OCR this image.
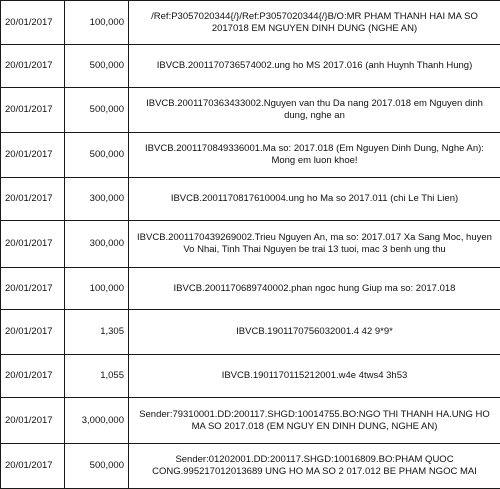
20/01/2017	100,000	/Ref:P3057020344{/}/Ref:P3057020344{/}B/O:MR PHAM THANH HAI MA SO 2017018 EM NGUYEN DINH DUNG (NGHE AN)
20/01/2017	500,000	IBVCB.2001170736574002.ung ho MS 2017.016 (anh Huynh Thanh Hung)
20/01/2017	500,000	IBVCB.2001170363433002.Nguyen van thu Da nang 2017.018 em Nguyen dinh dung, nghe an
20/01/2017	500,000	IBVCB.2001170849336001.Ma so: 2017.018 (Em Nguyen Dinh Dung, Nghe An): Mong em luon khoe!
20/01/2017	300,000	IBVCB.2001170817610004.ung ho Ma so 2017.011 (chi Le Thi Lien)
20/01/2017	300,000	IBVCB.2001170439269002.Trieu Nguyen An, ma so: 2017.017 Xa Sang Moc, huyen Vo Nhai, Tinh Thai Nguyen be trai 13 tuoi, mac 3 benh ung thu
20/01/2017	100,000	IBVCB.2001170689740002.phan ngoc hung Giup ma so: 2017.018
20/01/2017	1,305	IBVCB.1901170756032001.4 42 9*9*
20/01/2017	1,055	IBVCB.1901170115212001.w4e 4tws4 3h53
20/01/2017	3,000,000	Sender:79310001.DD:200117.SHGD:10014755.BO:NGO THI THANH HA.UNG HO MA SO 2017.018 (EM NGUY EN DINH DUNG, NGHE AN)
20/01/2017	500,000	Sender:01202001.DD:200117.SHGD:10016809.BO:PHAM QUOC CONG.995217012013689 UNG HO MA SO 2 017.012 BE PHAM NGOC MAI
